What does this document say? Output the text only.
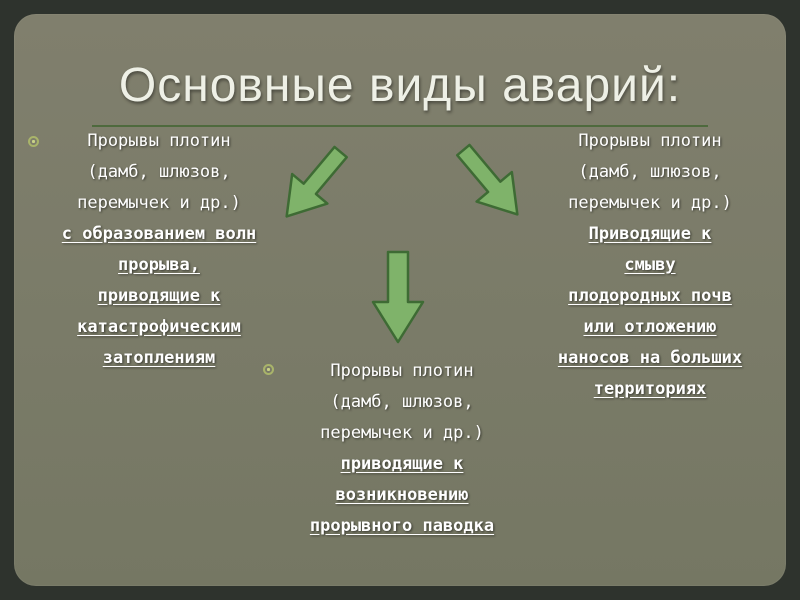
Основные виды аварий:
Прорывы плотин
(дамб, шлюзов,
перемычек и др.)
с образованием волн
прорыва,
приводящие к
катастрофическим
затоплениям
Прорывы плотин
(дамб, шлюзов,
перемычек и др.)
Приводящие к
смыву
плодородных почв
или отложению
наносов на больших
территориях
Прорывы плотин
(дамб, шлюзов,
перемычек и др.)
приводящие к
возникновению
прорывного паводка
